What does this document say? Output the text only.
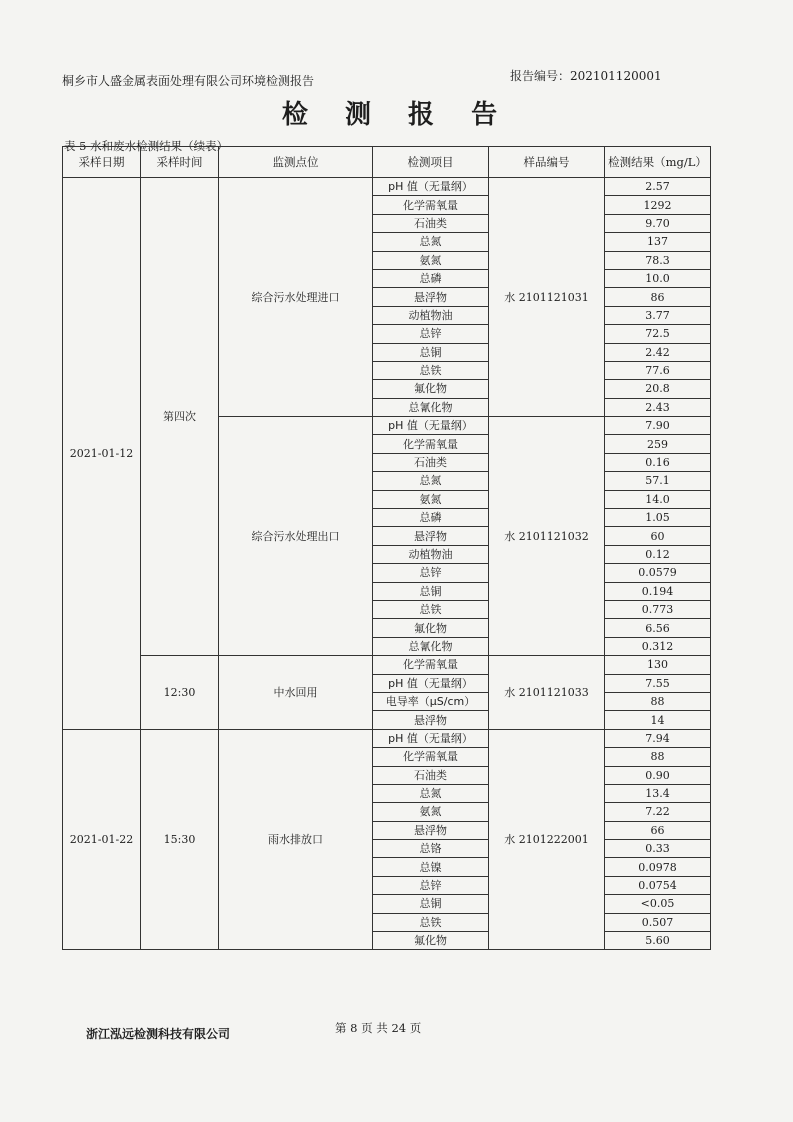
桐乡市人盛金属表面处理有限公司环境检测报告	报告编号：202101120001
检 测 报 告
表 5 水和废水检测结果（续表）
采样日期	采样时间	监测点位	检测项目	样品编号	检测结果（mg/L）
2021-01-12	第四次	综合污水处理进口	pH 值（无量纲）	水 2101121031	2.57
			化学需氧量		1292
			石油类		9.70
			总氮		137
			氨氮		78.3
			总磷		10.0
			悬浮物		86
			动植物油		3.77
			总锌		72.5
			总铜		2.42
			总铁		77.6
			氟化物		20.8
			总氰化物		2.43
		综合污水处理出口	pH 值（无量纲）	水 2101121032	7.90
			化学需氧量		259
			石油类		0.16
			总氮		57.1
			氨氮		14.0
			总磷		1.05
			悬浮物		60
			动植物油		0.12
			总锌		0.0579
			总铜		0.194
			总铁		0.773
			氟化物		6.56
			总氰化物		0.312
	12:30	中水回用	化学需氧量	水 2101121033	130
			pH 值（无量纲）		7.55
			电导率（μS/cm）		88
			悬浮物		14
2021-01-22	15:30	雨水排放口	pH 值（无量纲）	水 2101222001	7.94
			化学需氧量		88
			石油类		0.90
			总氮		13.4
			氨氮		7.22
			悬浮物		66
			总铬		0.33
			总镍		0.0978
			总锌		0.0754
			总铜		<0.05
			总铁		0.507
			氟化物		5.60
浙江泓远检测科技有限公司	第 8 页 共 24 页
